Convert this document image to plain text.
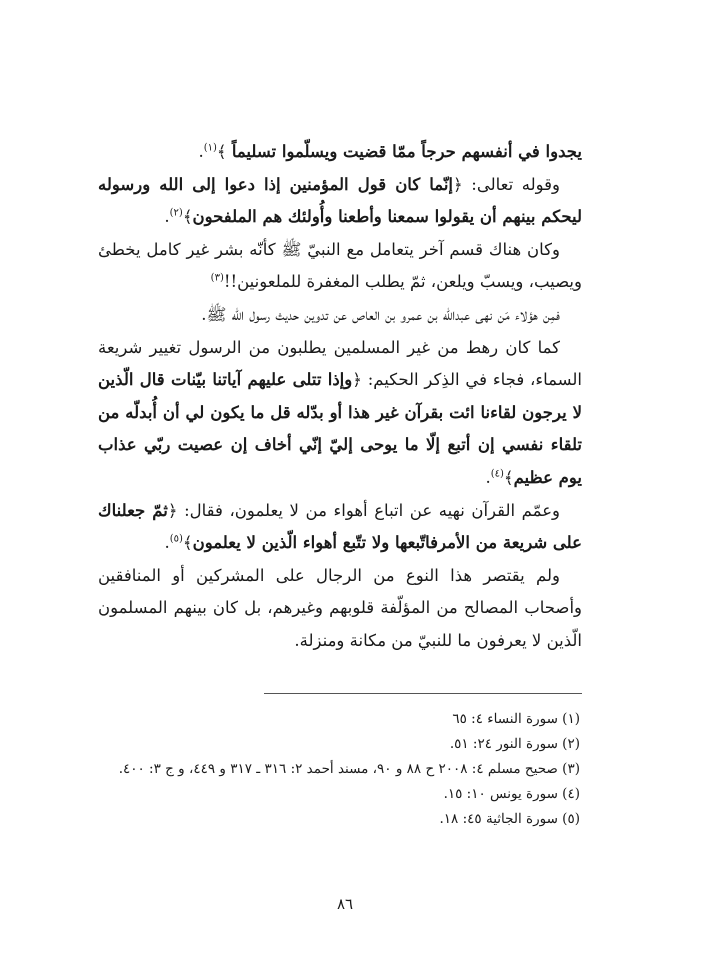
يجدوا في أنفسهم حرجاً ممّا قضيت ويسلّموا تسليماً ﴾$^{(١)}$.

وقوله تعالى: ﴿إنّما كان قول المؤمنين إذا دعوا إلى الله ورسوله ليحكم بينهم أن يقولوا سمعنا وأطعنا وأُولئك هم الملفحون﴾$^{(٢)}$.

وكان هناك قسم آخر يتعامل مع النبيّ ﷺ كأنّه بشر غير كامل يخطئ ويصيب، ويسبّ ويلعن، ثمّ يطلب المغفرة للملعونين!!$^{(٣)}$

فمِن هؤلاء مَن نهى عبدالله بن عمرو بن العاص عن تدوين حديث رسول الله ﷺ.

كما كان رهط من غير المسلمين يطلبون من الرسول تغيير شريعة السماء، فجاء في الذِكر الحكيم: ﴿وإذا تتلى عليهم آياتنا بيّنات قال الّذين لا يرجون لقاءنا ائت بقرآن غير هذا أو بدّله قل ما يكون لي أن أُبدلّه من تلقاء نفسي إن أتبع إلّا ما يوحى إليّ إنّي أخاف إن عصيت ربّي عذاب يوم عظيم﴾$^{(٤)}$.

وعمّم القرآن نهيه عن اتباع أهواء من لا يعلمون، فقال: ﴿ثمّ جعلناك على شريعة من الأمرفاتّبعها ولا تتّبع أهواء الّذين لا يعلمون﴾$^{(٥)}$.

ولم يقتصر هذا النوع من الرجال على المشركين أو المنافقين وأصحاب المصالح من المؤلّفة قلوبهم وغيرهم، بل كان بينهم المسلمون الّذين لا يعرفون ما للنبيّ من مكانة ومنزلة.

(١) سورة النساء ٤: ٦٥

(٢) سورة النور ٢٤: ٥١.

(٣) صحيح مسلم ٤: ٢٠٠٨ ح ٨٨ و ٩٠، مسند أحمد ٢: ٣١٦ ـ ٣١٧ و ٤٤٩، و ج ٣: ٤٠٠.

(٤) سورة يونس ١٠: ١٥.

(٥) سورة الجاثية ٤٥: ١٨.

٨٦
